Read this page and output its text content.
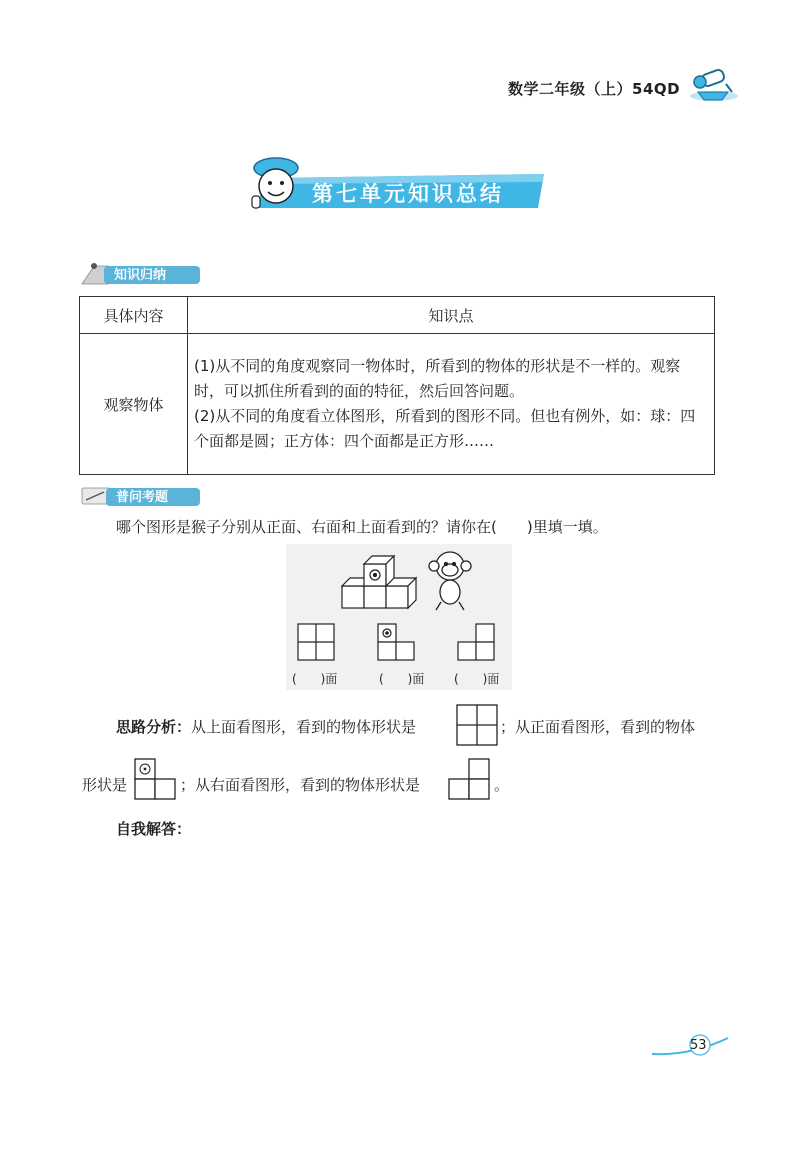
数学二年级（上）54QD
第七单元知识总结
知识归纳
具体内容	知识点
观察物体	(1)从不同的角度观察同一物体时，所看到的物体的形状是不一样的。观察时，可以抓住所看到的面的特征，然后回答问题。
(2)从不同的角度看立体图形，所看到的图形不同。但也有例外，如：球：四个面都是圆；正方体：四个面都是正方形……
普问考题
哪个图形是猴子分别从正面、右面和上面看到的？请你在(　　)里填一填。
(　　)面	(　　)面 (　　)面
思路分析：从上面看图形，看到的物体形状是	；从正面看图形，看到的物体
形状是	；从右面看图形，看到的物体形状是	。
自我解答：
53
